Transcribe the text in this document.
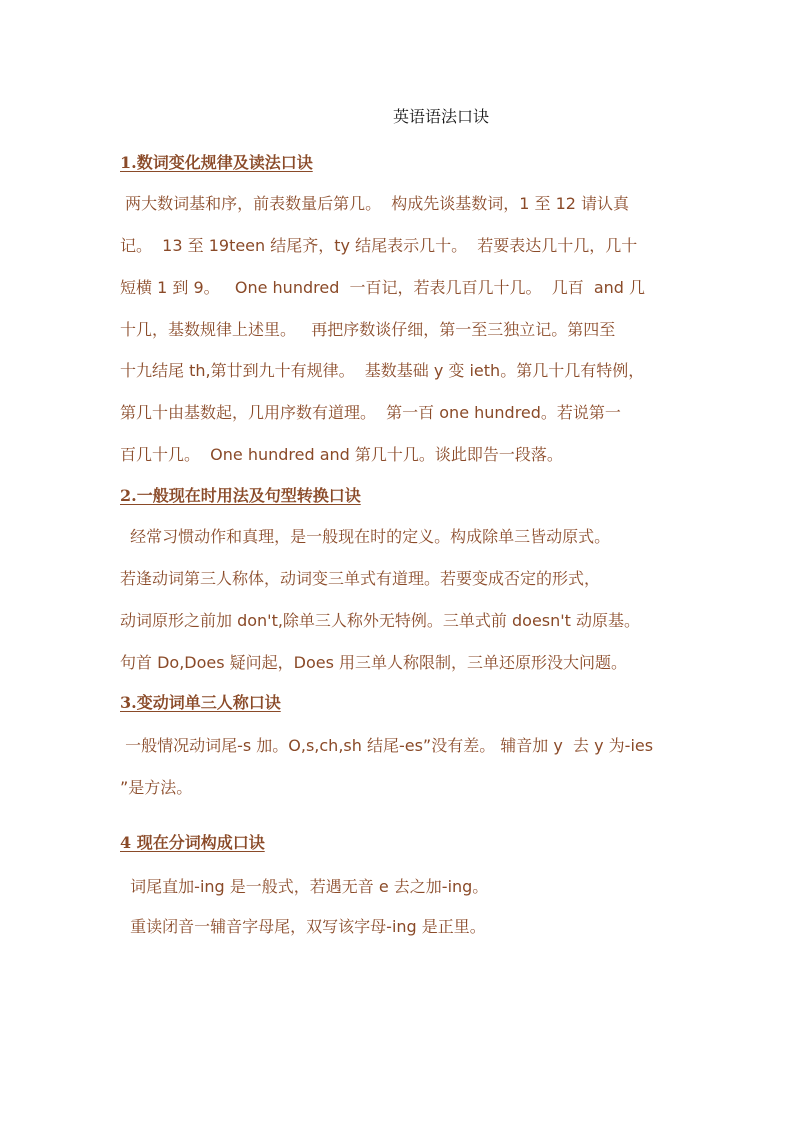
英语语法口诀
1.数词变化规律及读法口诀
两大数词基和序，前表数量后第几。  构成先谈基数词，1 至 12 请认真
记。  13 至 19teen 结尾齐，ty 结尾表示几十。  若要表达几十几，几十
短横 1 到 9。   One hundred  一百记，若表几百几十几。  几百  and 几
十几，基数规律上述里。   再把序数谈仔细，第一至三独立记。第四至
十九结尾 th,第廿到九十有规律。  基数基础 y 变 ieth。第几十几有特例，
第几十由基数起，几用序数有道理。  第一百 one hundred。若说第一
百几十几。  One hundred and 第几十几。谈此即告一段落。
2.一般现在时用法及句型转换口诀
经常习惯动作和真理，是一般现在时的定义。构成除单三皆动原式。
若逢动词第三人称体，动词变三单式有道理。若要变成否定的形式，
动词原形之前加 don't,除单三人称外无特例。三单式前 doesn't 动原基。
句首 Do,Does 疑问起，Does 用三单人称限制，三单还原形没大问题。
3.变动词单三人称口诀
一般情况动词尾-s 加。O,s,ch,sh 结尾-es”没有差。 辅音加 y  去 y 为-ies
”是方法。
4 现在分词构成口诀
词尾直加-ing 是一般式，若遇无音 e 去之加-ing。
重读闭音一辅音字母尾，双写该字母-ing 是正里。
